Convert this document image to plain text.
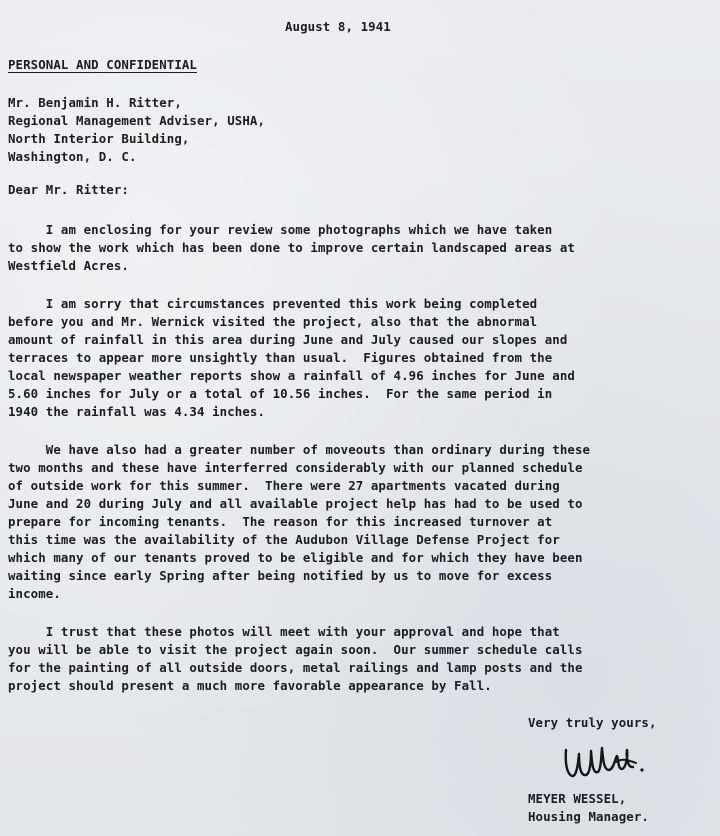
August 8, 1941
PERSONAL AND CONFIDENTIAL
Mr. Benjamin H. Ritter,
Regional Management Adviser, USHA,
North Interior Building,
Washington, D. C.
Dear Mr. Ritter:
I am enclosing for your review some photographs which we have taken
to show the work which has been done to improve certain landscaped areas at
Westfield Acres.
I am sorry that circumstances prevented this work being completed
before you and Mr. Wernick visited the project, also that the abnormal
amount of rainfall in this area during June and July caused our slopes and
terraces to appear more unsightly than usual.  Figures obtained from the
local newspaper weather reports show a rainfall of 4.96 inches for June and
5.60 inches for July or a total of 10.56 inches.  For the same period in
1940 the rainfall was 4.34 inches.
We have also had a greater number of moveouts than ordinary during these
two months and these have interferred considerably with our planned schedule
of outside work for this summer.  There were 27 apartments vacated during
June and 20 during July and all available project help has had to be used to
prepare for incoming tenants.  The reason for this increased turnover at
this time was the availability of the Audubon Village Defense Project for
which many of our tenants proved to be eligible and for which they have been
waiting since early Spring after being notified by us to move for excess
income.
I trust that these photos will meet with your approval and hope that
you will be able to visit the project again soon.  Our summer schedule calls
for the painting of all outside doors, metal railings and lamp posts and the
project should present a much more favorable appearance by Fall.
Very truly yours,
MEYER WESSEL,
Housing Manager.
